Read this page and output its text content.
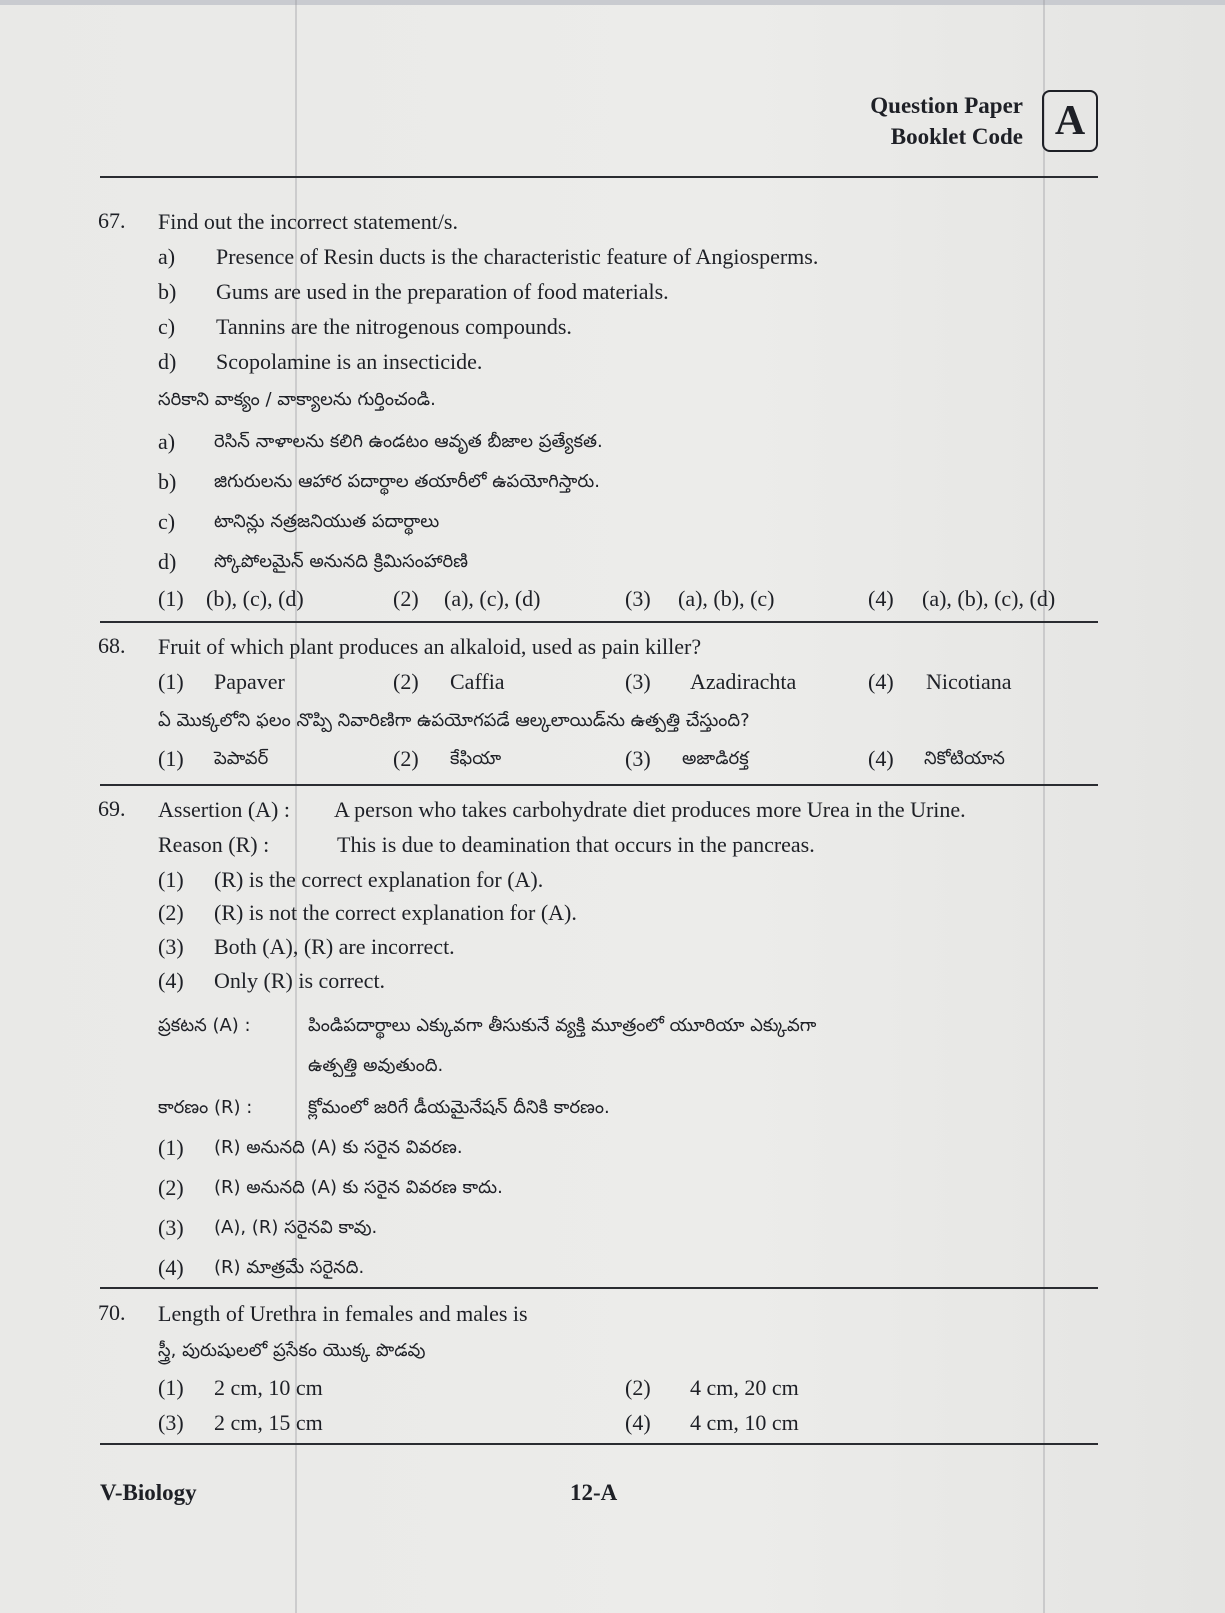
Question Paper
Booklet Code A
67. Find out the incorrect statement/s.
a) Presence of Resin ducts is the characteristic feature of Angiosperms.
b) Gums are used in the preparation of food materials.
c) Tannins are the nitrogenous compounds.
d) Scopolamine is an insecticide.
సరికాని వాక్యం / వాక్యాలను గుర్తించండి.
a) రెసిన్ నాళాలను కలిగి ఉండటం ఆవృత బీజాల ప్రత్యేకత.
b) జిగురులను ఆహార పదార్థాల తయారీలో ఉపయోగిస్తారు.
c) టానిన్లు నత్రజనియుత పదార్థాలు
d) స్కోపోలమైన్ అనునది క్రిమిసంహారిణి
(1) (b), (c), (d)	(2) (a), (c), (d)	(3) (a), (b), (c)	(4) (a), (b), (c), (d)
68. Fruit of which plant produces an alkaloid, used as pain killer?
(1) Papaver	(2) Caffia	(3) Azadirachta	(4) Nicotiana
ఏ మొక్కలోని ఫలం నొప్పి నివారిణిగా ఉపయోగపడే ఆల్కలాయిడ్‌ను ఉత్పత్తి చేస్తుంది?
(1) పెపావర్	(2) కేఫియా	(3) అజాడిరక్త	(4) నికోటియాన
69. Assertion (A) : A person who takes carbohydrate diet produces more Urea in the Urine.
Reason (R) :	This is due to deamination that occurs in the pancreas.
(1) (R) is the correct explanation for (A).
(2) (R) is not the correct explanation for (A).
(3) Both (A), (R) are incorrect.
(4) Only (R) is correct.
ప్రకటన (A) :	పిండిపదార్థాలు ఎక్కువగా తీసుకునే వ్యక్తి మూత్రంలో యూరియా ఎక్కువగా
ఉత్పత్తి అవుతుంది.
కారణం (R) :	క్లోమంలో జరిగే డీయమైనేషన్ దీనికి కారణం.
(1) (R) అనునది (A) కు సరైన వివరణ.
(2) (R) అనునది (A) కు సరైన వివరణ కాదు.
(3) (A), (R) సరైనవి కావు.
(4) (R) మాత్రమే సరైనది.
70. Length of Urethra in females and males is
స్త్రీ, పురుషులలో ప్రసేకం యొక్క పొడవు
(1) 2 cm, 10 cm	(2) 4 cm, 20 cm
(3) 2 cm, 15 cm	(4) 4 cm, 10 cm
V-Biology	12-A
